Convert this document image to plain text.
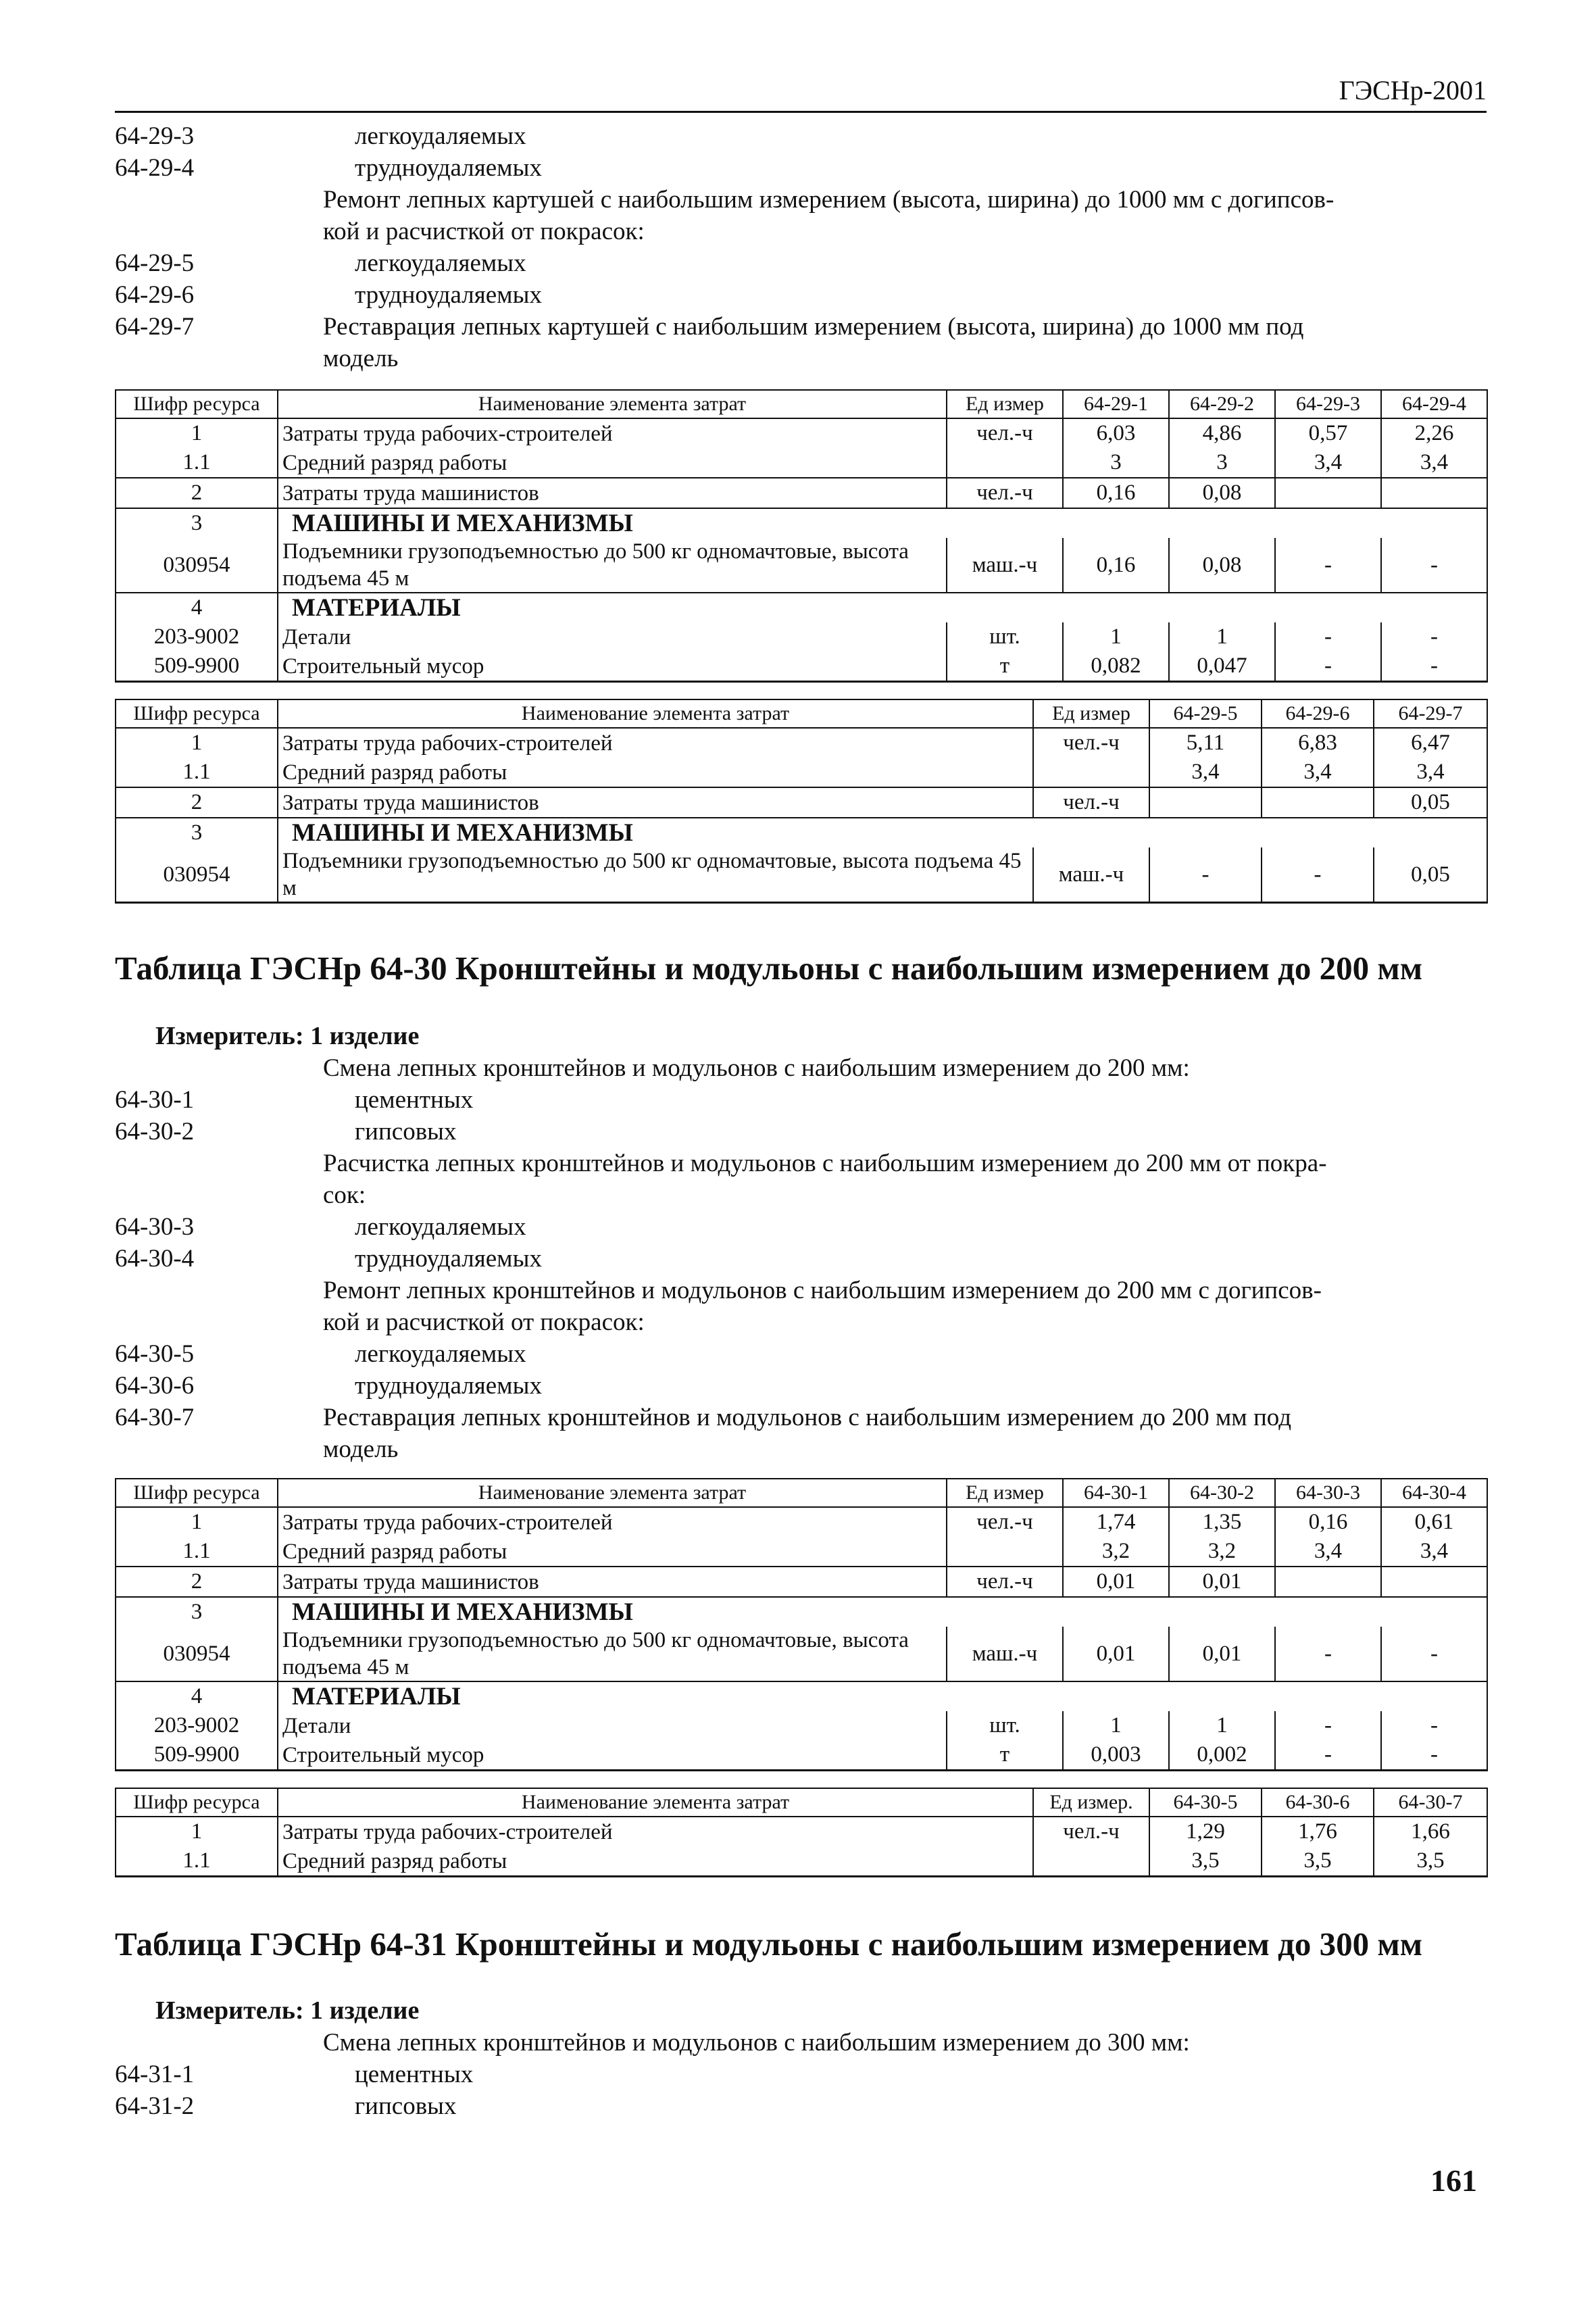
ГЭСНр-2001
64-29-3	легкоудаляемых
64-29-4	трудноудаляемых
Ремонт лепных картушей с наибольшим измерением (высота, ширина) до 1000 мм с догипсов-
кой и расчисткой от покрасок:
64-29-5	легкоудаляемых
64-29-6	трудноудаляемых
64-29-7	Реставрация лепных картушей с наибольшим измерением (высота, ширина) до 1000 мм под
модель
Шифр ресурса	Наименование элемента затрат	Ед измер	64-29-1	64-29-2	64-29-3	64-29-4
1	Затраты труда рабочих-строителей	чел.-ч	6,03	4,86	0,57	2,26
1.1	Средний разряд работы		3	3	3,4	3,4
2	Затраты труда машинистов	чел.-ч	0,16	0,08		
3	МАШИНЫ И МЕХАНИЗМЫ					
030954	Подъемники грузоподъемностью до 500 кг одномачтовые, высота подъема 45 м	маш.-ч	0,16	0,08	-	-
4	МАТЕРИАЛЫ					
203-9002	Детали	шт.	1	1	-	-
509-9900	Строительный мусор	т	0,082	0,047	-	-
Шифр ресурса	Наименование элемента затрат	Ед измер	64-29-5	64-29-6	64-29-7
1	Затраты труда рабочих-строителей	чел.-ч	5,11	6,83	6,47
1.1	Средний разряд работы		3,4	3,4	3,4
2	Затраты труда машинистов	чел.-ч			0,05
3	МАШИНЫ И МЕХАНИЗМЫ				
030954	Подъемники грузоподъемностью до 500 кг одномачтовые, высота подъема 45 м	маш.-ч	-	-	0,05
Таблица ГЭСНр 64-30 Кронштейны и модульоны с наибольшим измерением до 200 мм
Измеритель: 1 изделие
Смена лепных кронштейнов и модульонов с наибольшим измерением до 200 мм:
64-30-1	цементных
64-30-2	гипсовых
Расчистка лепных кронштейнов и модульонов с наибольшим измерением до 200 мм от покра-
сок:
64-30-3	легкоудаляемых
64-30-4	трудноудаляемых
Ремонт лепных кронштейнов и модульонов с наибольшим измерением до 200 мм с догипсов-
кой и расчисткой от покрасок:
64-30-5	легкоудаляемых
64-30-6	трудноудаляемых
64-30-7	Реставрация лепных кронштейнов и модульонов с наибольшим измерением до 200 мм под
модель
Шифр ресурса	Наименование элемента затрат	Ед измер	64-30-1	64-30-2	64-30-3	64-30-4
1	Затраты труда рабочих-строителей	чел.-ч	1,74	1,35	0,16	0,61
1.1	Средний разряд работы		3,2	3,2	3,4	3,4
2	Затраты труда машинистов	чел.-ч	0,01	0,01		
3	МАШИНЫ И МЕХАНИЗМЫ					
030954	Подъемники грузоподъемностью до 500 кг одномачтовые, высота подъема 45 м	маш.-ч	0,01	0,01	-	-
4	МАТЕРИАЛЫ					
203-9002	Детали	шт.	1	1	-	-
509-9900	Строительный мусор	т	0,003	0,002	-	-
Шифр ресурса	Наименование элемента затрат	Ед измер.	64-30-5	64-30-6	64-30-7
1	Затраты труда рабочих-строителей	чел.-ч	1,29	1,76	1,66
1.1	Средний разряд работы		3,5	3,5	3,5
Таблица ГЭСНр 64-31 Кронштейны и модульоны с наибольшим измерением до 300 мм
Измеритель: 1 изделие
Смена лепных кронштейнов и модульонов с наибольшим измерением до 300 мм:
64-31-1	цементных
64-31-2	гипсовых
161
